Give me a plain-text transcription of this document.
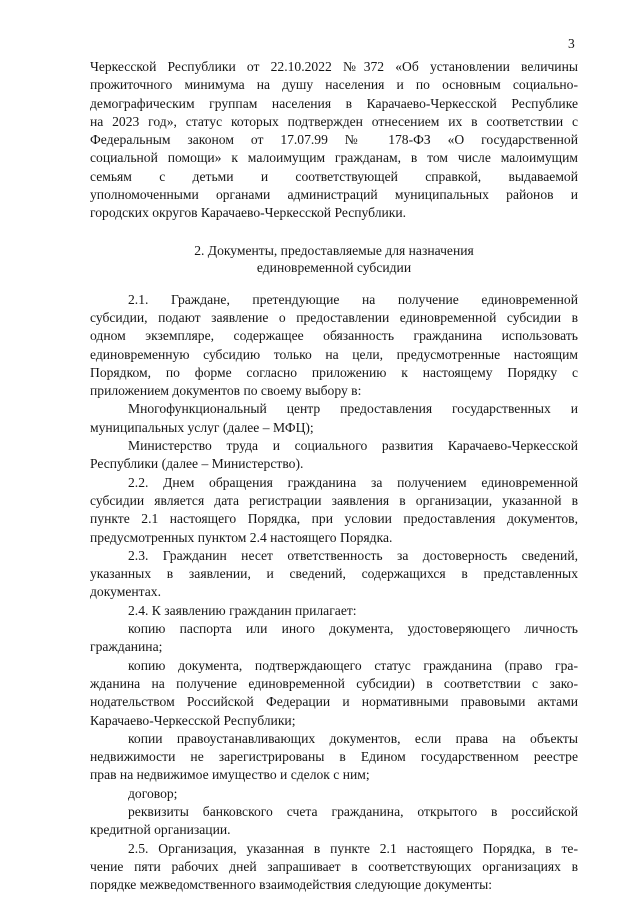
3

Черкесской Республики от 22.10.2022 №372 «Об установлении величины

прожиточного минимума на душу населения и по основным социально-

демографическим группам населения в Карачаево-Черкесской Республике

на 2023 год», статус которых подтвержден отнесением их в соответствии с

Федеральным законом от 17.07.99 № 178-ФЗ «О государственной

социальной помощи» к малоимущим гражданам, в том числе малоимущим

семьям с детьми и соответствующей справкой, выдаваемой

уполномоченными органами администраций муниципальных районов и

городских округов Карачаево-Черкесской Республики.

2. Документы, предоставляемые для назначения
единовременной субсидии

2.1. Граждане, претендующие на получение единовременной

субсидии, подают заявление о предоставлении единовременной субсидии в

одном экземпляре, содержащее обязанность гражданина использовать

единовременную субсидию только на цели, предусмотренные настоящим

Порядком, по форме согласно приложению к настоящему Порядку с

приложением документов по своему выбору в:

Многофункциональный центр предоставления государственных и

муниципальных услуг (далее – МФЦ);

Министерство труда и социального развития Карачаево-Черкесской

Республики (далее – Министерство).

2.2. Днем обращения гражданина за получением единовременной

субсидии является дата регистрации заявления в организации, указанной в

пункте 2.1 настоящего Порядка, при условии предоставления документов,

предусмотренных пунктом 2.4 настоящего Порядка.

2.3. Гражданин несет ответственность за достоверность сведений,

указанных в заявлении, и сведений, содержащихся в представленных

документах.

2.4. К заявлению гражданин прилагает:

копию паспорта или иного документа, удостоверяющего личность

гражданина;

копию документа, подтверждающего статус гражданина (право гра-

жданина на получение единовременной субсидии) в соответствии с зако-

нодательством Российской Федерации и нормативными правовыми актами

Карачаево-Черкесской Республики;

копии правоустанавливающих документов, если права на объекты

недвижимости не зарегистрированы в Едином государственном реестре

прав на недвижимое имущество и сделок с ним;

договор;

реквизиты банковского счета гражданина, открытого в российской

кредитной организации.

2.5. Организация, указанная в пункте 2.1 настоящего Порядка, в те-

чение пяти рабочих дней запрашивает в соответствующих организациях в

порядке межведомственного взаимодействия следующие документы:
